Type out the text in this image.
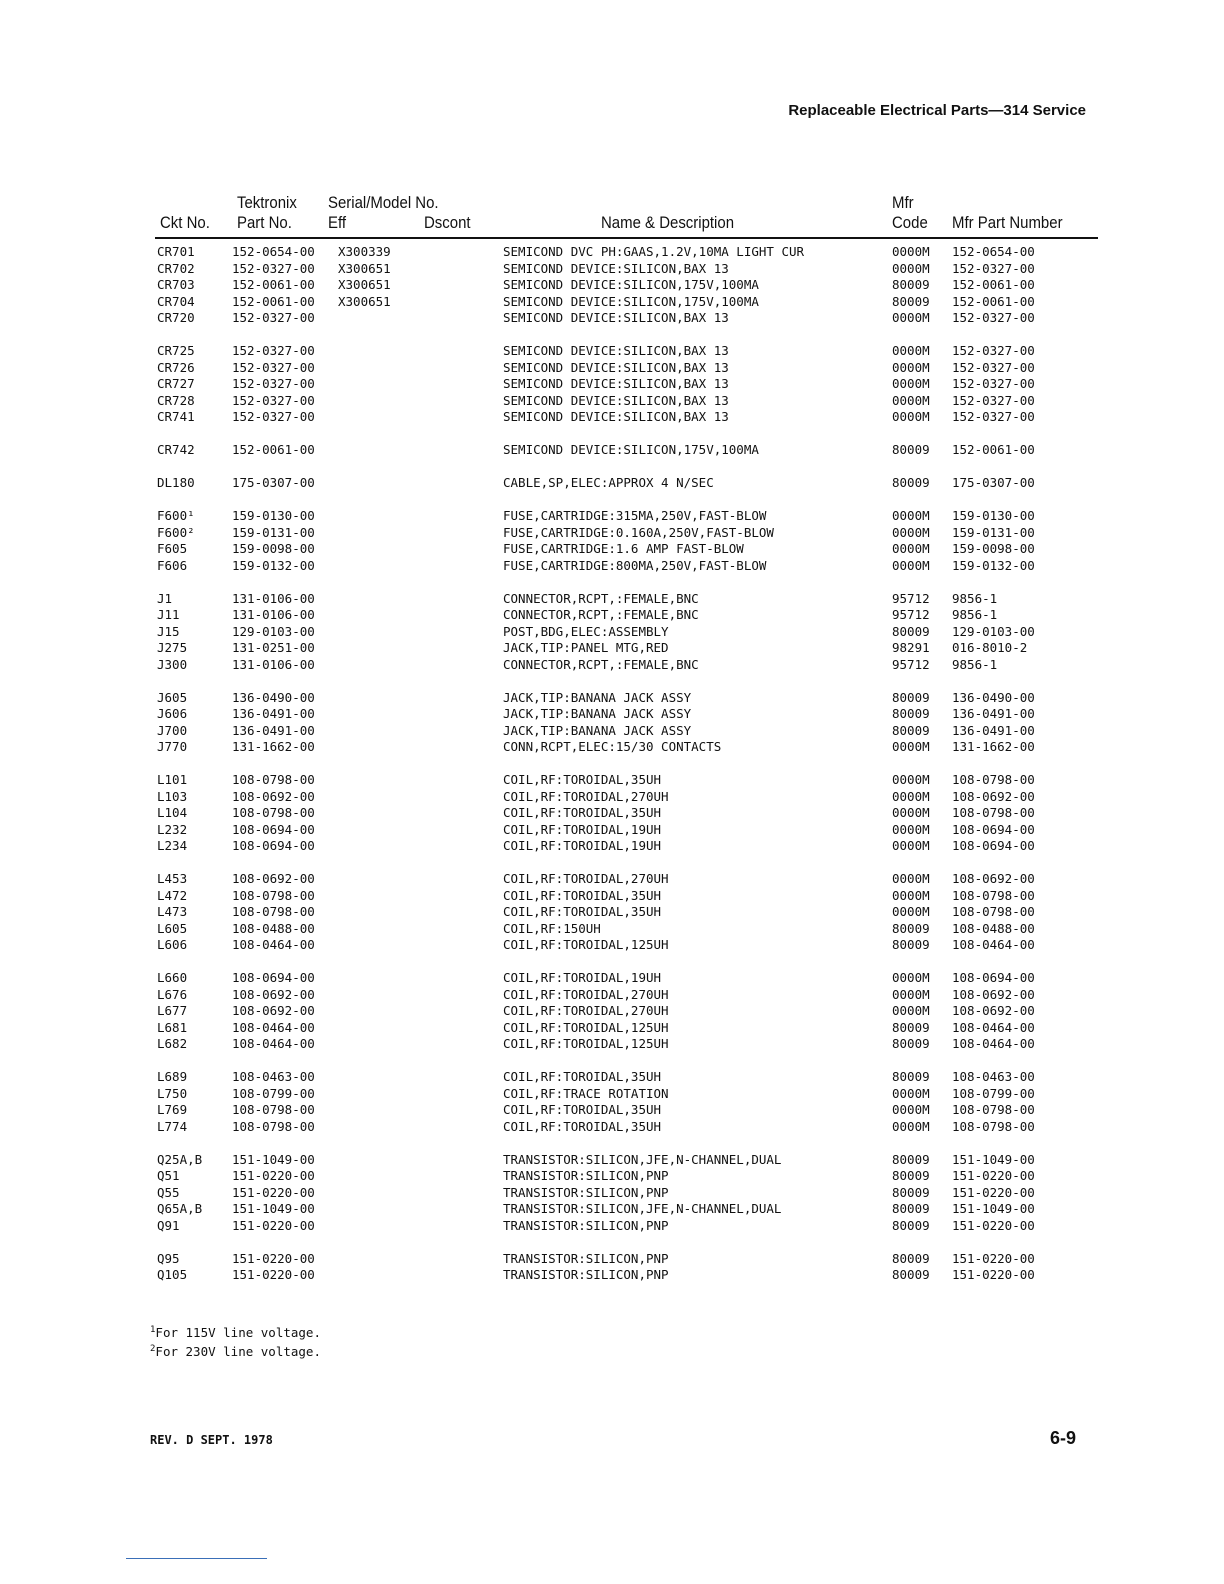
Replaceable Electrical Parts—314 Service
Tektronix Serial/Model No.	Mfr
Ckt No. Part No. Eff	Dscont	Name & Description	Code Mfr Part Number
CR701	152-0654-00 X300339	SEMICOND DVC PH:GAAS,1.2V,10MA LIGHT CUR	0000M 152-0654-00
CR702	152-0327-00 X300651	SEMICOND DEVICE:SILICON,BAX 13	0000M 152-0327-00
CR703	152-0061-00 X300651	SEMICOND DEVICE:SILICON,175V,100MA	80009 152-0061-00
CR704	152-0061-00 X300651	SEMICOND DEVICE:SILICON,175V,100MA	80009 152-0061-00
CR720	152-0327-00	SEMICOND DEVICE:SILICON,BAX 13	0000M 152-0327-00
CR725	152-0327-00	SEMICOND DEVICE:SILICON,BAX 13	0000M 152-0327-00
CR726	152-0327-00	SEMICOND DEVICE:SILICON,BAX 13	0000M 152-0327-00
CR727	152-0327-00	SEMICOND DEVICE:SILICON,BAX 13	0000M 152-0327-00
CR728	152-0327-00	SEMICOND DEVICE:SILICON,BAX 13	0000M 152-0327-00
CR741	152-0327-00	SEMICOND DEVICE:SILICON,BAX 13	0000M 152-0327-00
CR742	152-0061-00	SEMICOND DEVICE:SILICON,175V,100MA	80009 152-0061-00
DL180	175-0307-00	CABLE,SP,ELEC:APPROX 4 N/SEC	80009 175-0307-00
F600¹	159-0130-00	FUSE,CARTRIDGE:315MA,250V,FAST-BLOW	0000M 159-0130-00
F600²	159-0131-00	FUSE,CARTRIDGE:0.160A,250V,FAST-BLOW	0000M 159-0131-00
F605	159-0098-00	FUSE,CARTRIDGE:1.6 AMP FAST-BLOW	0000M 159-0098-00
F606	159-0132-00	FUSE,CARTRIDGE:800MA,250V,FAST-BLOW	0000M 159-0132-00
J1	131-0106-00	CONNECTOR,RCPT,:FEMALE,BNC	95712 9856-1
J11	131-0106-00	CONNECTOR,RCPT,:FEMALE,BNC	95712 9856-1
J15	129-0103-00	POST,BDG,ELEC:ASSEMBLY	80009 129-0103-00
J275	131-0251-00	JACK,TIP:PANEL MTG,RED	98291 016-8010-2
J300	131-0106-00	CONNECTOR,RCPT,:FEMALE,BNC	95712 9856-1
J605	136-0490-00	JACK,TIP:BANANA JACK ASSY	80009 136-0490-00
J606	136-0491-00	JACK,TIP:BANANA JACK ASSY	80009 136-0491-00
J700	136-0491-00	JACK,TIP:BANANA JACK ASSY	80009 136-0491-00
J770	131-1662-00	CONN,RCPT,ELEC:15/30 CONTACTS	0000M 131-1662-00
L101	108-0798-00	COIL,RF:TOROIDAL,35UH	0000M 108-0798-00
L103	108-0692-00	COIL,RF:TOROIDAL,270UH	0000M 108-0692-00
L104	108-0798-00	COIL,RF:TOROIDAL,35UH	0000M 108-0798-00
L232	108-0694-00	COIL,RF:TOROIDAL,19UH	0000M 108-0694-00
L234	108-0694-00	COIL,RF:TOROIDAL,19UH	0000M 108-0694-00
L453	108-0692-00	COIL,RF:TOROIDAL,270UH	0000M 108-0692-00
L472	108-0798-00	COIL,RF:TOROIDAL,35UH	0000M 108-0798-00
L473	108-0798-00	COIL,RF:TOROIDAL,35UH	0000M 108-0798-00
L605	108-0488-00	COIL,RF:150UH	80009 108-0488-00
L606	108-0464-00	COIL,RF:TOROIDAL,125UH	80009 108-0464-00
L660	108-0694-00	COIL,RF:TOROIDAL,19UH	0000M 108-0694-00
L676	108-0692-00	COIL,RF:TOROIDAL,270UH	0000M 108-0692-00
L677	108-0692-00	COIL,RF:TOROIDAL,270UH	0000M 108-0692-00
L681	108-0464-00	COIL,RF:TOROIDAL,125UH	80009 108-0464-00
L682	108-0464-00	COIL,RF:TOROIDAL,125UH	80009 108-0464-00
L689	108-0463-00	COIL,RF:TOROIDAL,35UH	80009 108-0463-00
L750	108-0799-00	COIL,RF:TRACE ROTATION	0000M 108-0799-00
L769	108-0798-00	COIL,RF:TOROIDAL,35UH	0000M 108-0798-00
L774	108-0798-00	COIL,RF:TOROIDAL,35UH	0000M 108-0798-00
Q25A,B 151-1049-00	TRANSISTOR:SILICON,JFE,N-CHANNEL,DUAL	80009 151-1049-00
Q51	151-0220-00	TRANSISTOR:SILICON,PNP	80009 151-0220-00
Q55	151-0220-00	TRANSISTOR:SILICON,PNP	80009 151-0220-00
Q65A,B 151-1049-00	TRANSISTOR:SILICON,JFE,N-CHANNEL,DUAL	80009 151-1049-00
Q91	151-0220-00	TRANSISTOR:SILICON,PNP	80009 151-0220-00
Q95	151-0220-00	TRANSISTOR:SILICON,PNP	80009 151-0220-00
Q105	151-0220-00	TRANSISTOR:SILICON,PNP	80009 151-0220-00
$^1$For 115V line voltage.
$^2$For 230V line voltage.
REV. D SEPT. 1978	6-9
